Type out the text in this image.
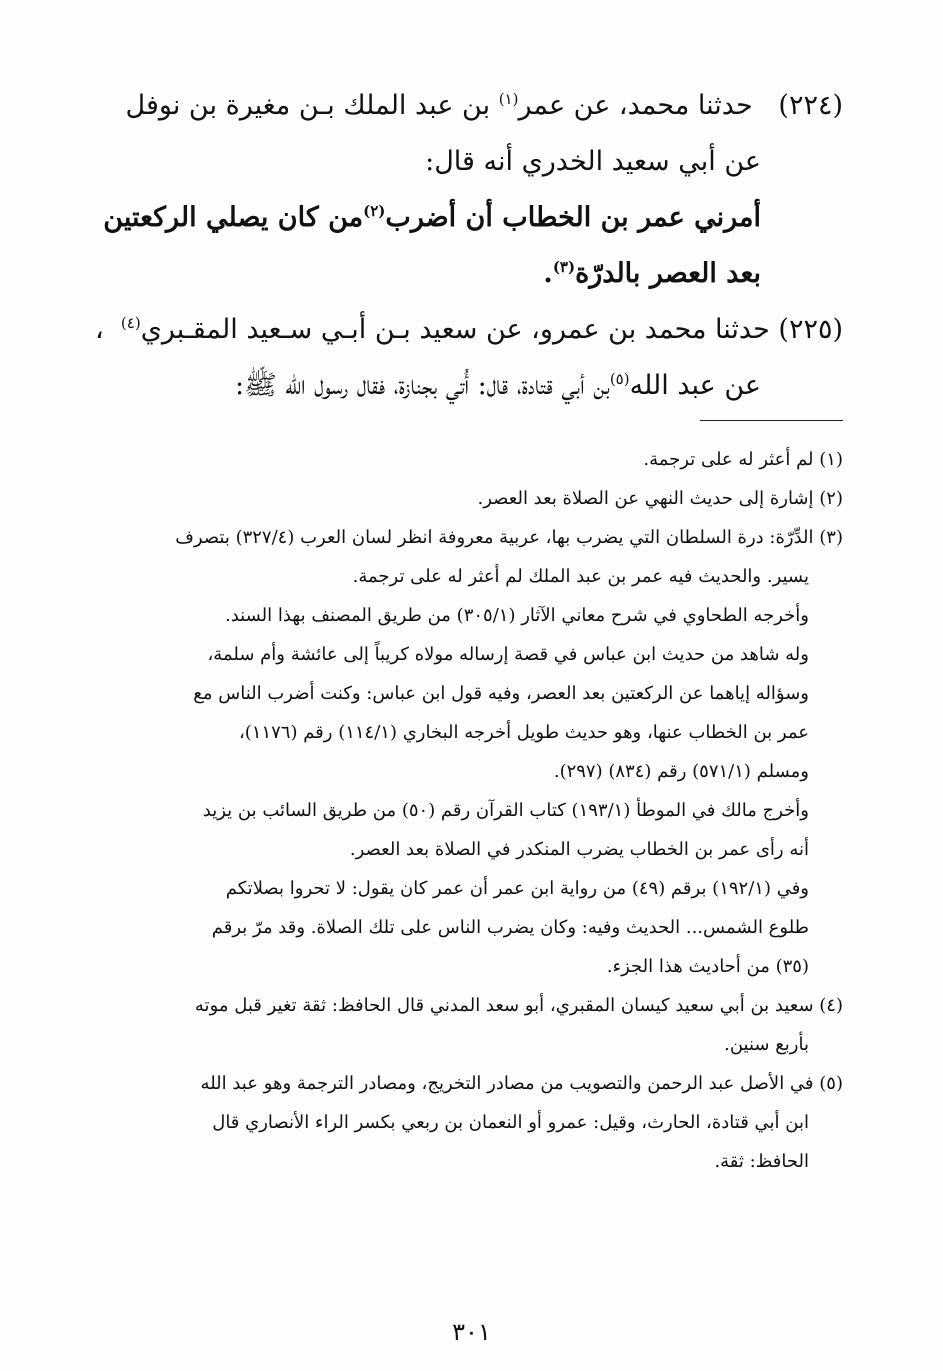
(٢٢٤)   حدثنا محمد، عن عمر$^{(١)}$ بن عبد الملك بـن مغيرة بن نوفل
عن أبي سعيد الخدري أنه قال:
أمرني عمر بن الخطاب أن أضرب$^{(٢)}$من كان يصلي الركعتين
بعد العصر بالدرّة$^{(٣)}$.
(٢٢٥) حدثنا محمد بن عمرو، عن سعيد بـن أبـي سـعيد المقـبري$^{(٤)}$  ،
عن عبد الله$^{(٥)}$بن أبي قتادة، قال: أُتي بجنازة، فقال رسول الله ﷺ:
(١) لم أعثر له على ترجمة.
(٢) إشارة إلى حديث النهي عن الصلاة بعد العصر.
(٣) الدِّرّة: درة السلطان التي يضرب بها، عربية معروفة انظر لسان العرب (٣٢٧/٤) بتصرف
يسير. والحديث فيه عمر بن عبد الملك لم أعثر له على ترجمة.
وأخرجه الطحاوي في شرح معاني الآثار (٣٠٥/١) من طريق المصنف بهذا السند.
وله شاهد من حديث ابن عباس في قصة إرساله مولاه كريباً إلى عائشة وأم سلمة،
وسؤاله إياهما عن الركعتين بعد العصر، وفيه قول ابن عباس: وكنت أضرب الناس مع
عمر بن الخطاب عنها، وهو حديث طويل أخرجه البخاري (١١٤/١) رقم (١١٧٦)،
ومسلم (٥٧١/١) رقم (٨٣٤) (٢٩٧).
وأخرج مالك في الموطأ (١٩٣/١) كتاب القرآن رقم (٥٠) من طريق السائب بن يزيد
أنه رأى عمر بن الخطاب يضرب المنكدر في الصلاة بعد العصر.
وفي (١٩٢/١) برقم (٤٩) من رواية ابن عمر أن عمر كان يقول: لا تحروا بصلاتكم
طلوع الشمس... الحديث وفيه: وكان يضرب الناس على تلك الصلاة. وقد مرّ برقم
(٣٥) من أحاديث هذا الجزء.
(٤) سعيد بن أبي سعيد كيسان المقبري، أبو سعد المدني قال الحافظ: ثقة تغير قبل موته
بأربع سنين.
(٥) في الأصل عبد الرحمن والتصويب من مصادر التخريج، ومصادر الترجمة وهو عبد الله
ابن أبي قتادة، الحارث، وقيل: عمرو أو النعمان بن ربعي بكسر الراء الأنصاري قال
الحافظ: ثقة.
٣٠١
